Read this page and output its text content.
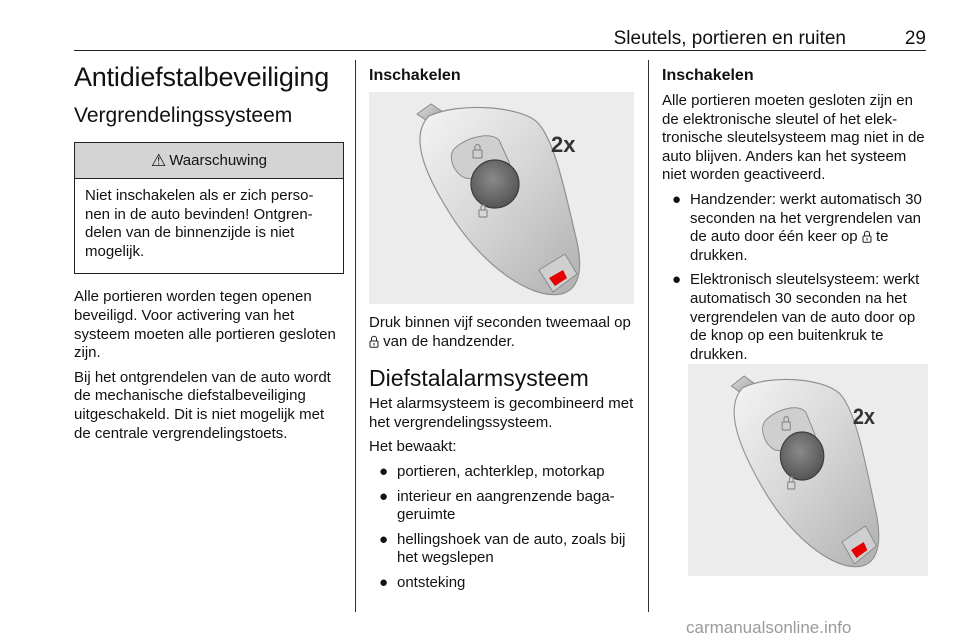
Sleutels, portieren en ruiten	29
Antidiefstalbeveiliging
Vergrendelingssysteem
⚠ Waarschuwing
Niet inschakelen als er zich personen in de auto bevinden! Ontgrendelen van de binnenzijde is niet mogelijk.

Alle portieren worden tegen openen beveiligd. Voor activering van het systeem moeten alle portieren gesloten zijn.

Bij het ontgrendelen van de auto wordt de mechanische diefstalbeveiliging uitgeschakeld. Dit is niet mogelijk met de centrale vergrendelingstoets.

Inschakelen
2x

Druk binnen vijf seconden tweemaal op  van de handzender.

Diefstalalarmsysteem

Het alarmsysteem is gecombineerd met het vergrendelingssysteem.

Het bewaakt:

● portieren, achterklep, motorkap
● interieur en aangrenzende bagageruimte
● hellingshoek van de auto, zoals bij het wegslepen
● ontsteking
Inschakelen

Alle portieren moeten gesloten zijn en de elektronische sleutel of het elektronische sleutelsysteem mag niet in de auto blijven. Anders kan het systeem niet worden geactiveerd.

● Handzender: werkt automatisch 30 seconden na het vergrendelen van de auto door één keer op  te drukken.
● Elektronisch sleutelsysteem: werkt automatisch 30 seconden na het vergrendelen van de auto door op de knop op een buitenkruk te drukken.
2x
carmanualsonline.info
